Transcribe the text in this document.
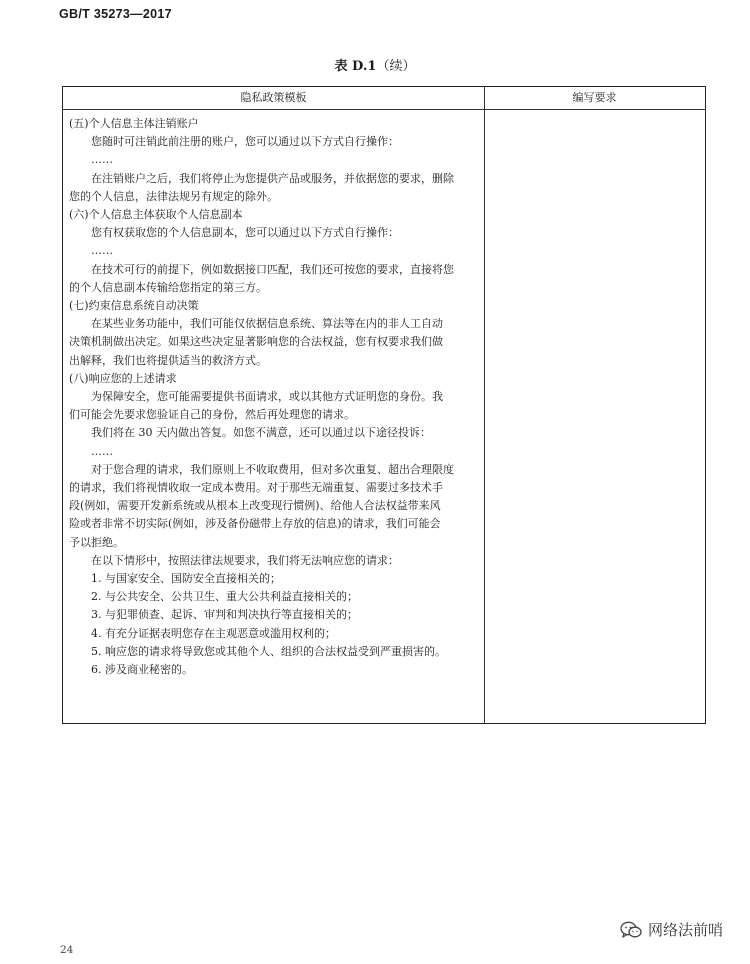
GB/T 35273—2017
表 D.1（续）
隐私政策模板	编写要求

(五)个人信息主体注销账户

您随时可注销此前注册的账户，您可以通过以下方式自行操作：

……

在注销账户之后，我们将停止为您提供产品或服务，并依据您的要求，删除

您的个人信息，法律法规另有规定的除外。

(六)个人信息主体获取个人信息副本

您有权获取您的个人信息副本，您可以通过以下方式自行操作：

……

在技术可行的前提下，例如数据接口匹配，我们还可按您的要求，直接将您

的个人信息副本传输给您指定的第三方。

(七)约束信息系统自动决策

在某些业务功能中，我们可能仅依据信息系统、算法等在内的非人工自动

决策机制做出决定。如果这些决定显著影响您的合法权益，您有权要求我们做

出解释，我们也将提供适当的救济方式。

(八)响应您的上述请求

为保障安全，您可能需要提供书面请求，或以其他方式证明您的身份。我

们可能会先要求您验证自己的身份，然后再处理您的请求。

我们将在 30 天内做出答复。如您不满意，还可以通过以下途径投诉：

……

对于您合理的请求，我们原则上不收取费用，但对多次重复、超出合理限度

的请求，我们将视情收取一定成本费用。对于那些无端重复、需要过多技术手

段(例如，需要开发新系统或从根本上改变现行惯例)、给他人合法权益带来风

险或者非常不切实际(例如，涉及备份磁带上存放的信息)的请求，我们可能会

予以拒绝。

在以下情形中，按照法律法规要求，我们将无法响应您的请求：

1. 与国家安全、国防安全直接相关的；

2. 与公共安全、公共卫生、重大公共利益直接相关的；

3. 与犯罪侦查、起诉、审判和判决执行等直接相关的；

4. 有充分证据表明您存在主观恶意或滥用权利的；

5. 响应您的请求将导致您或其他个人、组织的合法权益受到严重损害的。

6. 涉及商业秘密的。

24
网络法前哨
